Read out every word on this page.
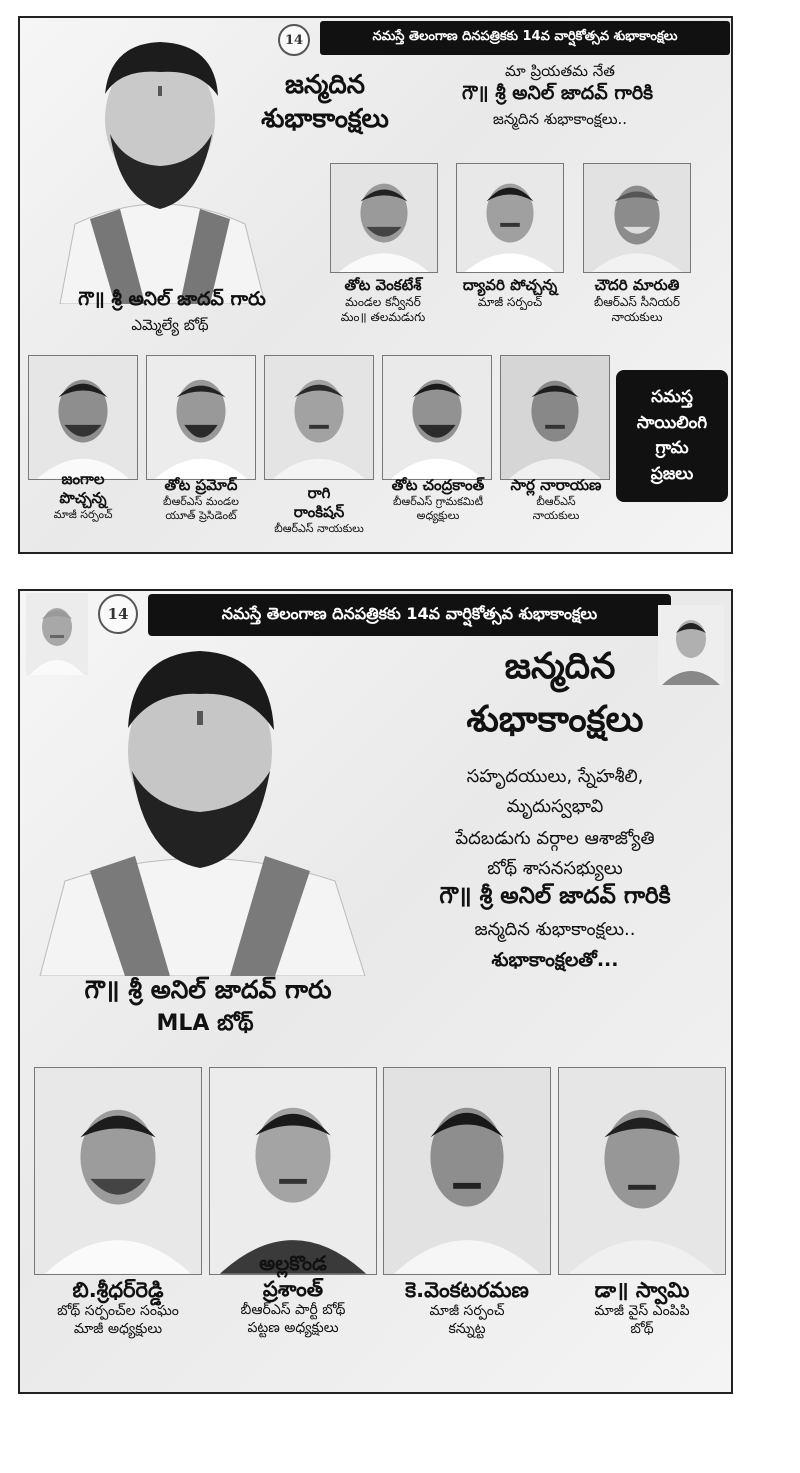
14	నమస్తే తెలంగాణ దినపత్రికకు 14వ వార్షికోత్సవ శుభాకాంక్షలు
జన్మదిన
శుభాకాంక్షలు
మా ప్రియతమ నేత
గౌ॥ శ్రీ అనిల్ జాదవ్ గారికి
జన్మదిన శుభాకాంక్షలు..
గౌ॥ శ్రీ అనిల్ జాదవ్ గారు
ఎమ్మెల్యే బోథ్
తోట వెంకటేశ్
మండల కన్వీనర్
మం॥ తలమడుగు
ద్యావరి పోచ్చన్న
మాజీ సర్పంచ్
చౌదరి మారుతి
బీఆర్ఎస్ సీనియర్
నాయకులు
జంగాల
పొచ్చన్న
మాజీ సర్పంచ్
తోట ప్రమోద్
బీఆర్ఎస్ మండల
యూత్ ప్రెసిడెంట్
రాగి
రాంకిషన్
బీఆర్ఎస్ నాయకులు
తోట చంద్రకాంత్
బీఆర్ఎస్ గ్రామకమిటీ
అధ్యక్షులు
సార్ల నారాయణ
బీఆర్ఎస్
నాయకులు
సమస్త
సాయిలింగి
గ్రామ
ప్రజలు
14	నమస్తే తెలంగాణ దినపత్రికకు 14వ వార్షికోత్సవ శుభాకాంక్షలు
జన్మదిన
శుభాకాంక్షలు
సహృదయులు, స్నేహశీలి,
మృదుస్వభావి
పేదబడుగు వర్గాల ఆశాజ్యోతి
బోథ్ శాసనసభ్యులు
గౌ॥ శ్రీ అనిల్ జాదవ్ గారికి
జన్మదిన శుభాకాంక్షలు..
శుభాకాంక్షలతో...
గౌ॥ శ్రీ అనిల్ జాదవ్ గారు
MLA బోథ్
బి.శ్రీధర్‌రెడ్డి
బోథ్ సర్పంచ్‌ల సంఘం
మాజీ అధ్యక్షులు
అల్లకొండ
ప్రశాంత్
బీఆర్ఎస్ పార్టీ బోథ్
పట్టణ అధ్యక్షులు
కె.వెంకటరమణ
మాజీ సర్పంచ్
కన్నుట్ట
డా॥ స్వామి
మాజీ వైస్ ఎంపిపి
బోథ్
